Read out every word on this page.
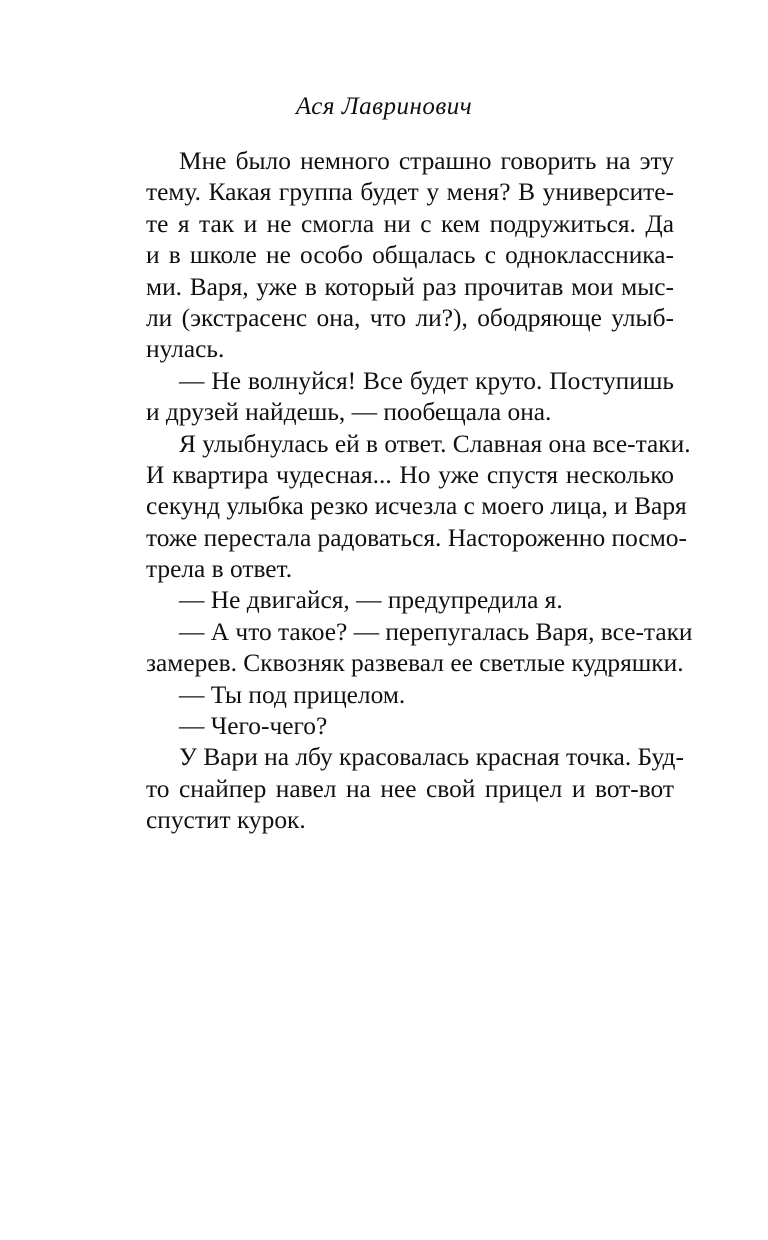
Ася Лавринович
Мне было немного страшно говорить на эту
тему. Какая группа будет у меня? В университе-
те я так и не смогла ни с кем подружиться. Да
и в школе не особо общалась с одноклассника-
ми. Варя, уже в который раз прочитав мои мыс-
ли (экстрасенс она, что ли?), ободряюще улыб-
нулась.
— Не волнуйся! Все будет круто. Поступишь
и друзей найдешь, — пообещала она.
Я улыбнулась ей в ответ. Славная она все-таки.
И квартира чудесная... Но уже спустя несколько
секунд улыбка резко исчезла с моего лица, и Варя
тоже перестала радоваться. Настороженно посмо-
трела в ответ.
— Не двигайся, — предупредила я.
— А что такое? — перепугалась Варя, все-таки
замерев. Сквозняк развевал ее светлые кудряшки.
— Ты под прицелом.
— Чего-чего?
У Вари на лбу красовалась красная точка. Буд-
то снайпер навел на нее свой прицел и вот-вот
спустит курок.
